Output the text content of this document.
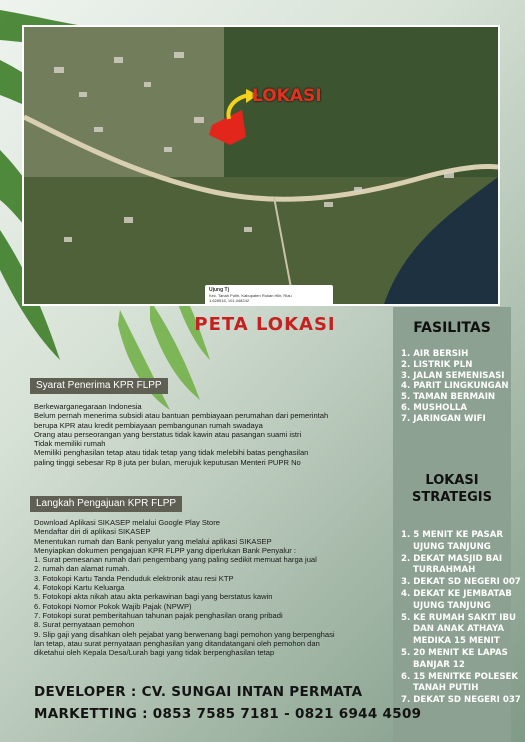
LOKASI
Ujung Tj
Kec. Tanah Putih, Kabupaten Rokan Hilir, Riau
1.628516, 101.048242
PETA LOKASI	FASILITAS
1. AIR BERSIH
2. LISTRIK PLN
3. JALAN SEMENISASI
4. PARIT LINGKUNGAN
5. TAMAN BERMAIN
6. MUSHOLLA
7. JARINGAN WIFI
LOKASI
STRATEGIS
1. 5 MENIT KE PASAR
UJUNG TANJUNG
2. DEKAT MASJID BAI
TURRAHMAH
3. DEKAT SD NEGERI 007
4. DEKAT KE JEMBATAB
UJUNG TANJUNG
5. KE RUMAH SAKIT IBU
DAN ANAK ATHAYA
MEDIKA 15 MENIT
5. 20 MENIT KE LAPAS
BANJAR 12
6. 15 MENITKE POLESEK
TANAH PUTIH
7. DEKAT SD NEGERI 037
Syarat Penerima KPR FLPP
Berkewarganegaraan Indonesia
Belum pernah menerima subsidi atau bantuan pembiayaan perumahan dari pemerintah
berupa KPR atau kredit pembiayaan pembangunan rumah swadaya
Orang atau perseorangan yang berstatus tidak kawin atau pasangan suami istri
Tidak memiliki rumah
Memiliki penghasilan tetap atau tidak tetap yang tidak melebihi batas penghasilan
paling tinggi sebesar Rp 8 juta per bulan, merujuk keputusan Menteri PUPR No
Langkah Pengajuan KPR FLPP
Download Aplikasi SIKASEP melalui Google Play Store
Mendaftar diri di aplikasi SIKASEP
Menentukan rumah dan Bank penyalur yang melalui aplikasi SIKASEP
Menyiapkan dokumen pengajuan KPR FLPP yang diperlukan Bank Penyalur :
1. Surat pemesanan rumah dari pengembang yang paling sedikit memuat harga jual
2. rumah dan alamat rumah.
3. Fotokopi Kartu Tanda Penduduk elektronik atau resi KTP
4. Fotokopi Kartu Keluarga
5. Fotokopi akta nikah atau akta perkawinan bagi yang berstatus kawin
6. Fotokopi Nomor Pokok Wajib Pajak (NPWP)
7. Fotokopi surat pemberitahuan tahunan pajak penghasilan orang pribadi
8. Surat pernyataan pemohon
9. Slip gaji yang disahkan oleh pejabat yang berwenang bagi pemohon yang berpenghasi
lan tetap, atau surat pernyataan penghasilan yang ditandatangani oleh pemohon dan
diketahui oleh Kepala Desa/Lurah bagi yang tidak berpenghasilan tetap
DEVELOPER : CV. SUNGAI INTAN PERMATA
MARKETTING : 0853 7585 7181 - 0821 6944 4509
